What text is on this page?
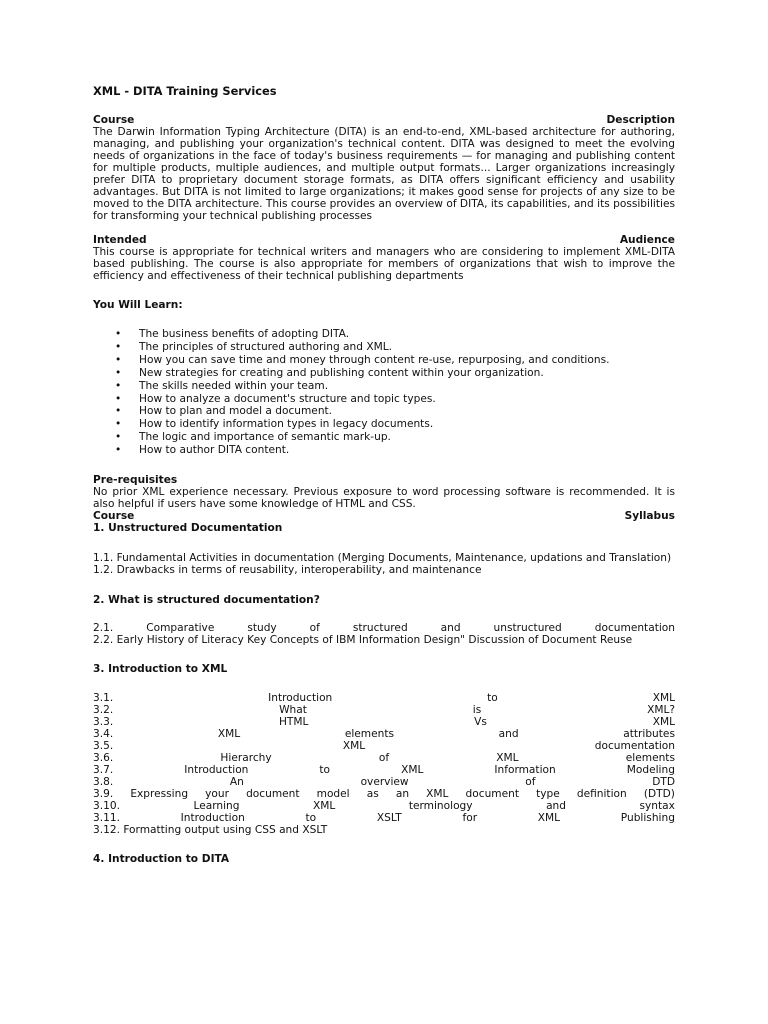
XML - DITA Training Services
Course	Description

The Darwin Information Typing Architecture (DITA) is an end-to-end, XML-based architecture for authoring, managing, and publishing your organization's technical content. DITA was designed to meet the evolving needs of organizations in the face of today's business requirements — for managing and publishing content for multiple products, multiple audiences, and multiple output formats... Larger organizations increasingly prefer DITA to proprietary document storage formats, as DITA offers significant efficiency and usability advantages. But DITA is not limited to large organizations; it makes good sense for projects of any size to be moved to the DITA architecture. This course provides an overview of DITA, its capabilities, and its possibilities for transforming your technical publishing processes

Intended	Audience

This course is appropriate for technical writers and managers who are considering to implement XML-DITA based publishing. The course is also appropriate for members of organizations that wish to improve the efficiency and effectiveness of their technical publishing departments

You Will Learn:

• The business benefits of adopting DITA.
• The principles of structured authoring and XML.
• How you can save time and money through content re-use, repurposing, and conditions.
• New strategies for creating and publishing content within your organization.
• The skills needed within your team.
• How to analyze a document's structure and topic types.
• How to plan and model a document.
• How to identify information types in legacy documents.
• The logic and importance of semantic mark-up.
• How to author DITA content.

Pre-requisites

No prior XML experience necessary. Previous exposure to word processing software is recommended. It is also helpful if users have some knowledge of HTML and CSS.

Course	Syllabus

1. Unstructured Documentation

1.1. Fundamental Activities in documentation (Merging Documents, Maintenance, updations and Translation)

1.2. Drawbacks in terms of reusability, interoperability, and maintenance

2. What is structured documentation?

2.1. Comparative study of structured and unstructured documentation

2.2. Early History of Literacy Key Concepts of IBM Information Design" Discussion of Document Reuse

3. Introduction to XML

3.1.	Introduction	to	XML
3.2.	What	is	XML?
3.3.	HTML	Vs	XML
3.4.	XML	elements	and	attributes
3.5.	XML	documentation
3.6.	Hierarchy	of	XML	elements
3.7.	Introduction	to	XML	Information	Modeling
3.8.	An	overview	of	DTD
3.9. Expressing your document model as an XML document type definition (DTD)
3.10.	Learning	XML	terminology	and	syntax
3.11.	Introduction	to	XSLT	for	XML	Publishing

3.12. Formatting output using CSS and XSLT

4. Introduction to DITA
